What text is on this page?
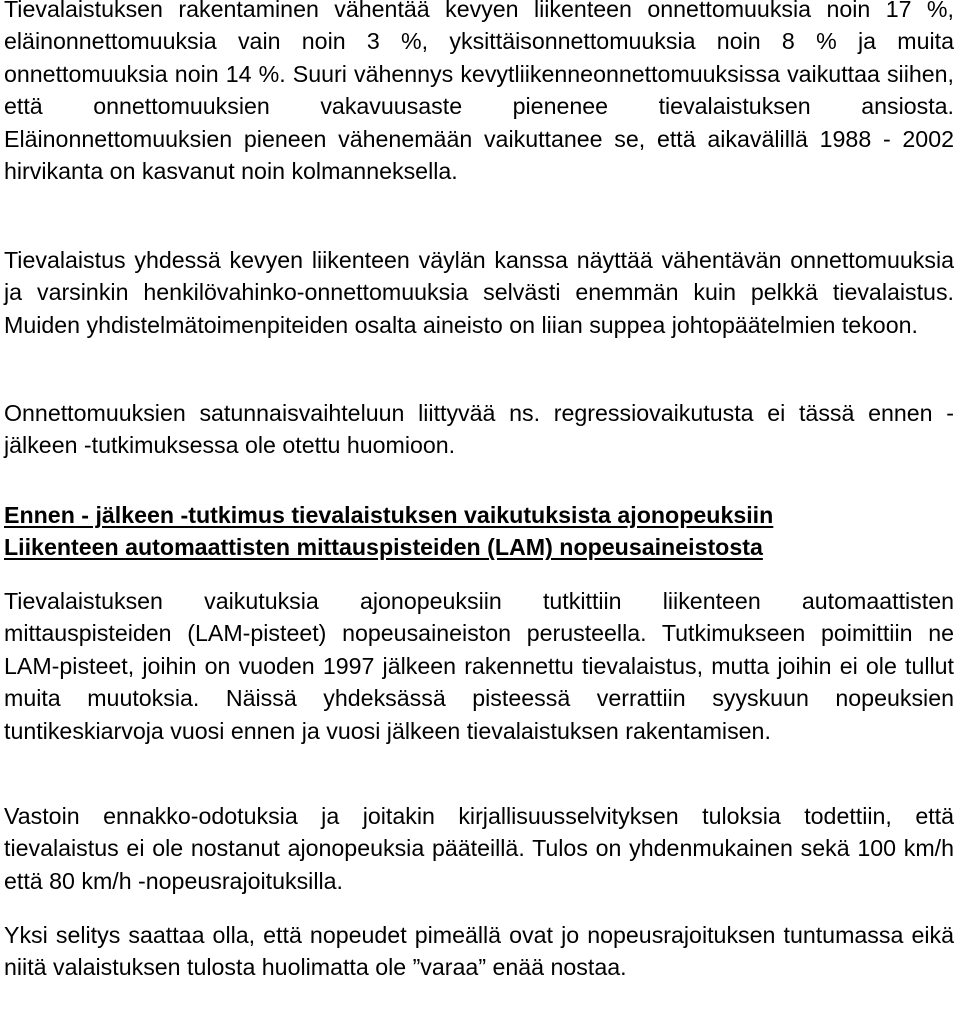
Tievalaistuksen rakentaminen vähentää kevyen liikenteen onnettomuuksia noin 17 %, eläinonnettomuuksia vain noin 3 %, yksittäisonnettomuuksia noin 8 % ja muita onnettomuuksia noin 14 %. Suuri vähennys kevytliikenneonnettomuuksissa vaikuttaa siihen, että onnettomuuksien vakavuusaste pienenee tievalaistuksen ansiosta. Eläinonnettomuuksien pieneen vähenemään vaikuttanee se, että aikavälillä 1988 - 2002 hirvikanta on kasvanut noin kolmanneksella.

Tievalaistus yhdessä kevyen liikenteen väylän kanssa näyttää vähentävän onnettomuuksia ja varsinkin henkilövahinko-onnettomuuksia selvästi enemmän kuin pelkkä tievalaistus. Muiden yhdistelmätoimenpiteiden osalta aineisto on liian suppea johtopäätelmien tekoon.

Onnettomuuksien satunnaisvaihteluun liittyvää ns. regressiovaikutusta ei tässä ennen - jälkeen -tutkimuksessa ole otettu huomioon.

Ennen - jälkeen -tutkimus tievalaistuksen vaikutuksista ajonopeuksiin

Liikenteen automaattisten mittauspisteiden (LAM) nopeusaineistosta

Tievalaistuksen vaikutuksia ajonopeuksiin tutkittiin liikenteen automaattisten mittauspisteiden (LAM-pisteet) nopeusaineiston perusteella. Tutkimukseen poimittiin ne LAM-pisteet, joihin on vuoden 1997 jälkeen rakennettu tievalaistus, mutta joihin ei ole tullut muita muutoksia. Näissä yhdeksässä pisteessä verrattiin syyskuun nopeuksien tuntikeskiarvoja vuosi ennen ja vuosi jälkeen tievalaistuksen rakentamisen.

Vastoin ennakko-odotuksia ja joitakin kirjallisuusselvityksen tuloksia todettiin, että tievalaistus ei ole nostanut ajonopeuksia pääteillä. Tulos on yhdenmukainen sekä 100 km/h että 80 km/h -nopeusrajoituksilla.

Yksi selitys saattaa olla, että nopeudet pimeällä ovat jo nopeusrajoituksen tuntumassa eikä niitä valaistuksen tulosta huolimatta ole ”varaa” enää nostaa.
